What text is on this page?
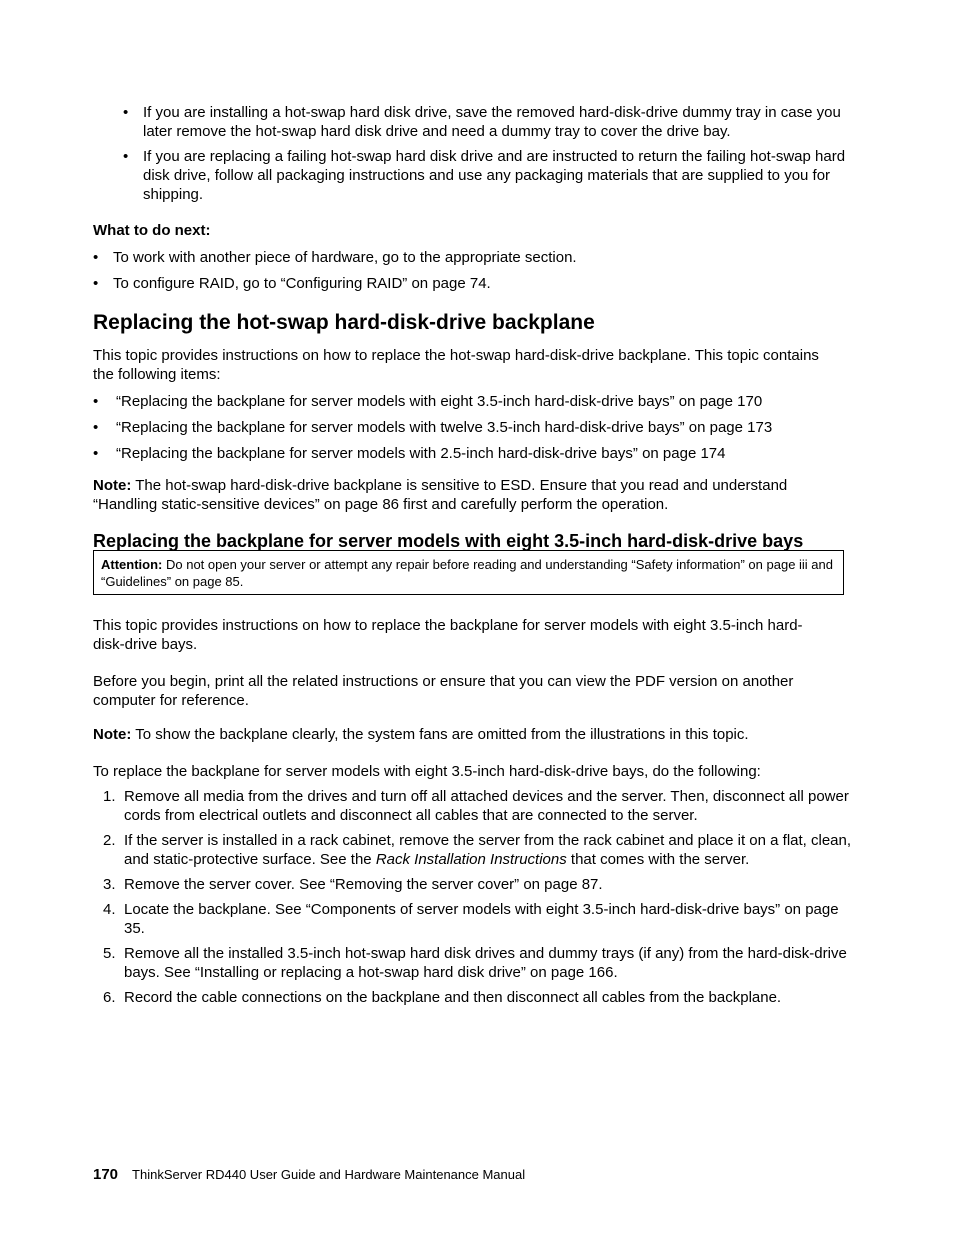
• If you are installing a hot-swap hard disk drive, save the removed hard-disk-drive dummy tray in case you later remove the hot-swap hard disk drive and need a dummy tray to cover the drive bay.
• If you are replacing a failing hot-swap hard disk drive and are instructed to return the failing hot-swap hard disk drive, follow all packaging instructions and use any packaging materials that are supplied to you for shipping.
What to do next:
• To work with another piece of hardware, go to the appropriate section.
• To configure RAID, go to “Configuring RAID” on page 74.
Replacing the hot-swap hard-disk-drive backplane

This topic provides instructions on how to replace the hot-swap hard-disk-drive backplane. This topic contains the following items:

• “Replacing the backplane for server models with eight 3.5-inch hard-disk-drive bays” on page 170
• “Replacing the backplane for server models with twelve 3.5-inch hard-disk-drive bays” on page 173
• “Replacing the backplane for server models with 2.5-inch hard-disk-drive bays” on page 174

Note: The hot-swap hard-disk-drive backplane is sensitive to ESD. Ensure that you read and understand “Handling static-sensitive devices” on page 86 first and carefully perform the operation.

Replacing the backplane for server models with eight 3.5-inch hard-disk-drive bays
Attention: Do not open your server or attempt any repair before reading and understanding “Safety information” on page iii and “Guidelines” on page 85.

This topic provides instructions on how to replace the backplane for server models with eight 3.5-inch hard-disk-drive bays.

Before you begin, print all the related instructions or ensure that you can view the PDF version on another computer for reference.

Note: To show the backplane clearly, the system fans are omitted from the illustrations in this topic.

To replace the backplane for server models with eight 3.5-inch hard-disk-drive bays, do the following:

1. Remove all media from the drives and turn off all attached devices and the server. Then, disconnect all power cords from electrical outlets and disconnect all cables that are connected to the server.
2. If the server is installed in a rack cabinet, remove the server from the rack cabinet and place it on a flat, clean, and static-protective surface. See the Rack Installation Instructions that comes with the server.
3. Remove the server cover. See “Removing the server cover” on page 87.
4. Locate the backplane. See “Components of server models with eight 3.5-inch hard-disk-drive bays” on page 35.
5. Remove all the installed 3.5-inch hot-swap hard disk drives and dummy trays (if any) from the hard-disk-drive bays. See “Installing or replacing a hot-swap hard disk drive” on page 166.
6. Record the cable connections on the backplane and then disconnect all cables from the backplane.
170 ThinkServer RD440 User Guide and Hardware Maintenance Manual
